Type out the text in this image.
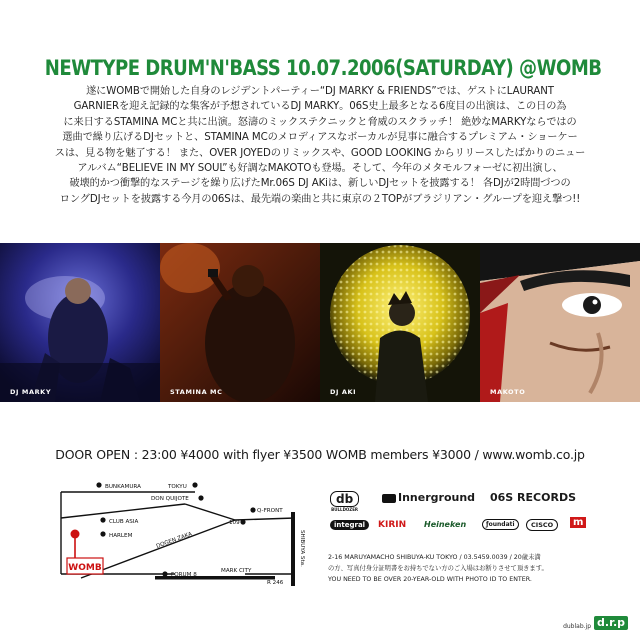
NEWTYPE DRUM'N'BASS 10.07.2006(SATURDAY) @WOMB
遂にWOMBで開始した自身のレジデントパーティー“DJ MARKY & FRIENDS”では、ゲストにLAURANT
GARNIERを迎え記録的な集客が予想されているDJ MARKY。06S史上最多となる6度目の出演は、この日の為
に来日するSTAMINA MCと共に出演。怒濤のミックステクニックと脅威のスクラッチ！ 絶妙なMARKYならではの
選曲で繰り広げるDJセットと、STAMINA MCのメロディアスなボーカルが見事に融合するプレミアム・ショーケー
スは、見る物を魅了する！ また、OVER JOYEDのリミックスや、GOOD LOOKING からリリースしたばかりのニュー
アルバム“BELIEVE IN MY SOUL”も好調なMAKOTOも登場。そして、今年のメタモルフォーゼに初出演し、
破壊的かつ衝撃的なステージを繰り広げたMr.06S DJ AKiは、新しいDJセットを披露する！ 各DJが2時間づつの
ロングDJセットを披露する今月の06Sは、最先端の楽曲と共に東京の２TOPがブラジリアン・グループを迎え撃つ!!
DJ MARKY	STAMINA MC	DJ AKI	MAKOTO
DOOR OPEN : 23:00 ¥4000 with flyer ¥3500 WOMB members ¥3000 / www.womb.co.jp
WOMB
BUNKAMURA	TOKYU
DON QUIJOTE
Q-FRONT
109
CLUB ASIA
HARLEM	DOGEN ZAKA
FORUM 8
MARK CITY
R 246
SHIBUYA Sta.
db
BULLDOZER
Innerground 06S RECORDS
integral	KIRIN Heineken	ƒoundati	CISCO	m
2-16 MARUYAMACHO SHIBUYA-KU TOKYO / 03.5459.0039 / 20歳未満
の方、写真付身分証明書をお持ちでない方のご入場はお断りさせて頂きます。
YOU NEED TO BE OVER 20-YEAR-OLD WITH PHOTO ID TO ENTER.
dublab.jp d.r.p
